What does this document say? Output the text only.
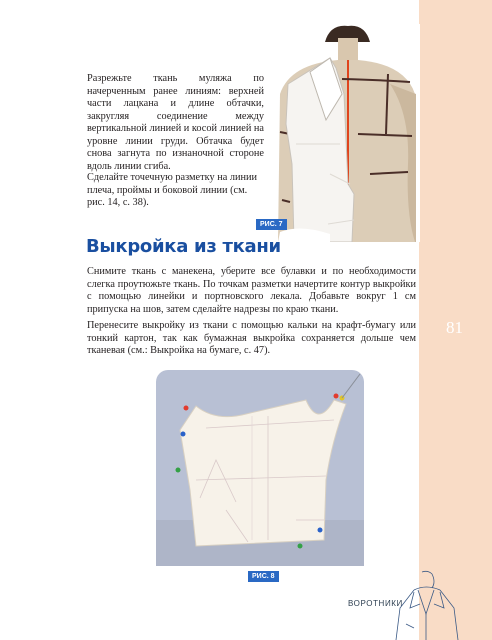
81

Разрежьте ткань муляжа по начерченным ранее линиям: верхней части лацкана и длине обтачки, закругляя соединение между вертикальной линией и косой линией на уровне линии груди. Обтачка будет снова загнута по изнаночной стороне вдоль линии сгиба.

Сделайте точечную разметку на линии плеча, проймы и боковой линии (см. рис. 14, с. 38).

РИС. 7
Выкройка из ткани

Снимите ткань с манекена, уберите все булавки и по необходимости слегка проутюжьте ткань. По точкам разметки начертите контур выкройки с помощью линейки и портновского лекала. Добавьте вокруг 1 см припуска на шов, затем сделайте надрезы по краю ткани.

Перенесите выкройку из ткани с помощью кальки на крафт-бумагу или тонкий картон, так как бумажная выкройка сохраняется дольше чем тканевая (см.: Выкройка на бумаге, с. 47).

РИС. 8
ВОРОТНИКИ
